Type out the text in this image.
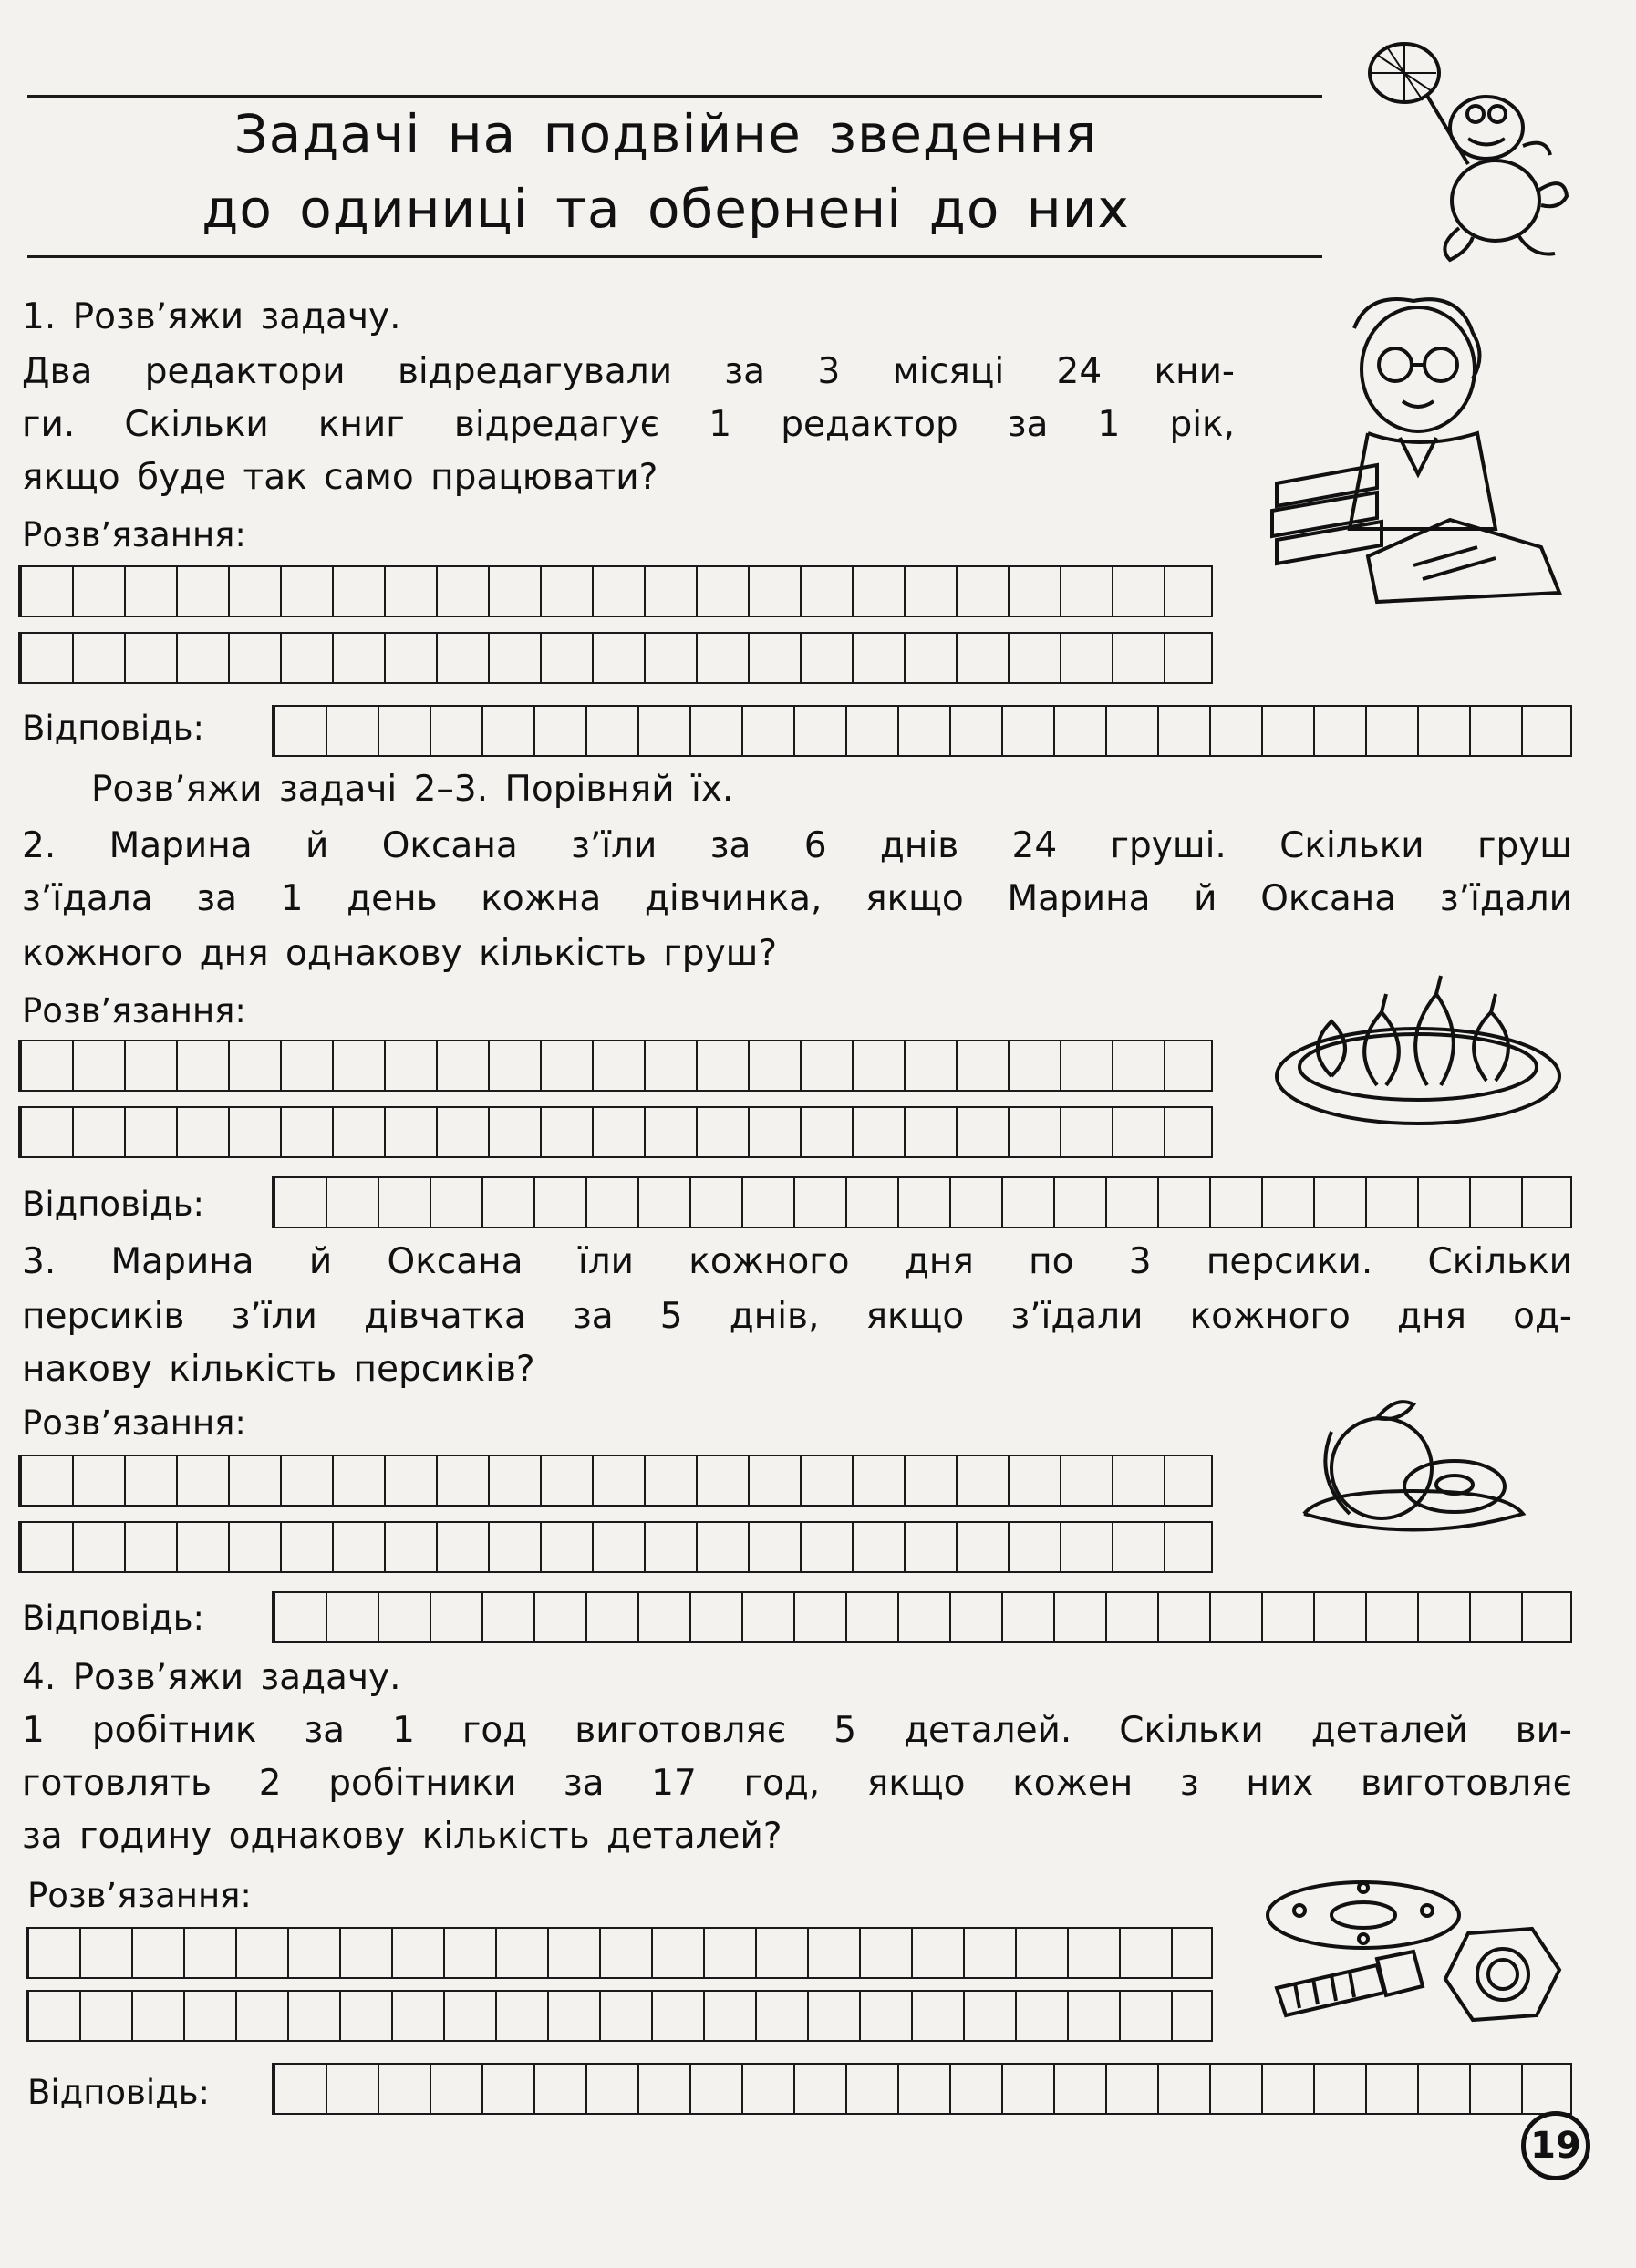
Задачі на подвійне зведення
до одиниці та обернені до них
1. Розв’яжи задачу.
Два редактори відредагували за 3 місяці 24 кни-
ги. Скільки книг відредагує 1 редактор за 1 рік,
якщо буде так само працювати?
Розв’язання:
Відповідь:
Розв’яжи задачі 2–3. Порівняй їх.
2. Марина й Оксана з’їли за 6 днів 24 груші. Скільки груш
з’їдала за 1 день кожна дівчинка, якщо Марина й Оксана з’їдали
кожного дня однакову кількість груш?
Розв’язання:
Відповідь:
3. Марина й Оксана їли кожного дня по 3 персики. Скільки
персиків з’їли дівчатка за 5 днів, якщо з’їдали кожного дня од-
накову кількість персиків?
Розв’язання:
Відповідь:
4. Розв’яжи задачу.
1 робітник за 1 год виготовляє 5 деталей. Скільки деталей ви-
готовлять 2 робітники за 17 год, якщо кожен з них виготовляє
за годину однакову кількість деталей?
Розв’язання:
Відповідь:
19
